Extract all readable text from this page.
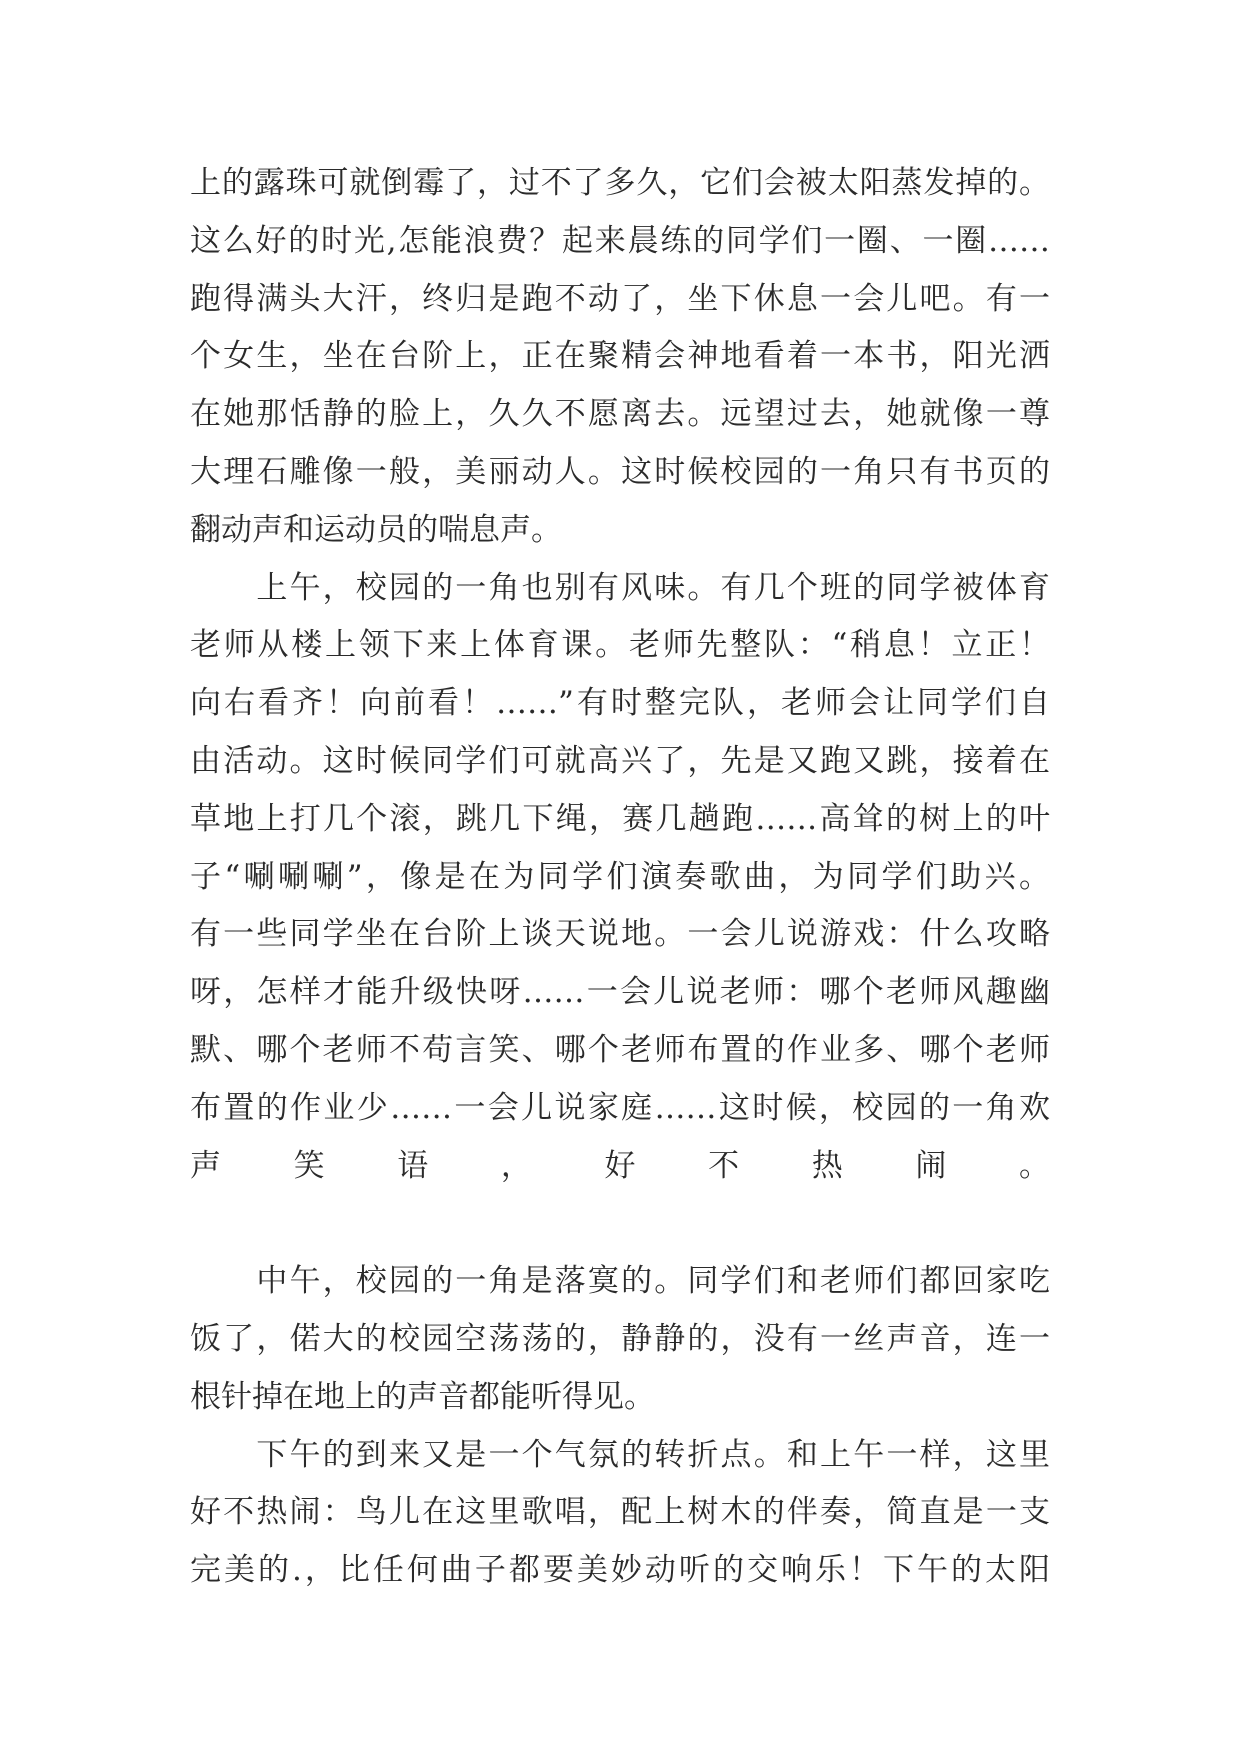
上的露珠可就倒霉了，过不了多久，它们会被太阳蒸发掉的。
这么好的时光,怎能浪费？起来晨练的同学们一圈、一圈……
跑得满头大汗，终归是跑不动了，坐下休息一会儿吧。有一
个女生，坐在台阶上，正在聚精会神地看着一本书，阳光洒
在她那恬静的脸上，久久不愿离去。远望过去，她就像一尊
大理石雕像一般，美丽动人。这时候校园的一角只有书页的
翻动声和运动员的喘息声。
　　上午，校园的一角也别有风味。有几个班的同学被体育
老师从楼上领下来上体育课。老师先整队：“稍息！立正！
向右看齐！向前看！……”有时整完队，老师会让同学们自
由活动。这时候同学们可就高兴了，先是又跑又跳，接着在
草地上打几个滚，跳几下绳，赛几趟跑……高耸的树上的叶
子“唰唰唰”，像是在为同学们演奏歌曲，为同学们助兴。
有一些同学坐在台阶上谈天说地。一会儿说游戏：什么攻略
呀，怎样才能升级快呀……一会儿说老师：哪个老师风趣幽
默、哪个老师不苟言笑、哪个老师布置的作业多、哪个老师
布置的作业少……一会儿说家庭……这时候，校园的一角欢
声笑语，好不热闹。
　　中午，校园的一角是落寞的。同学们和老师们都回家吃
饭了，偌大的校园空荡荡的，静静的，没有一丝声音，连一
根针掉在地上的声音都能听得见。
　　下午的到来又是一个气氛的转折点。和上午一样，这里
好不热闹：鸟儿在这里歌唱，配上树木的伴奏，简直是一支
完美的.，比任何曲子都要美妙动听的交响乐！下午的太阳
